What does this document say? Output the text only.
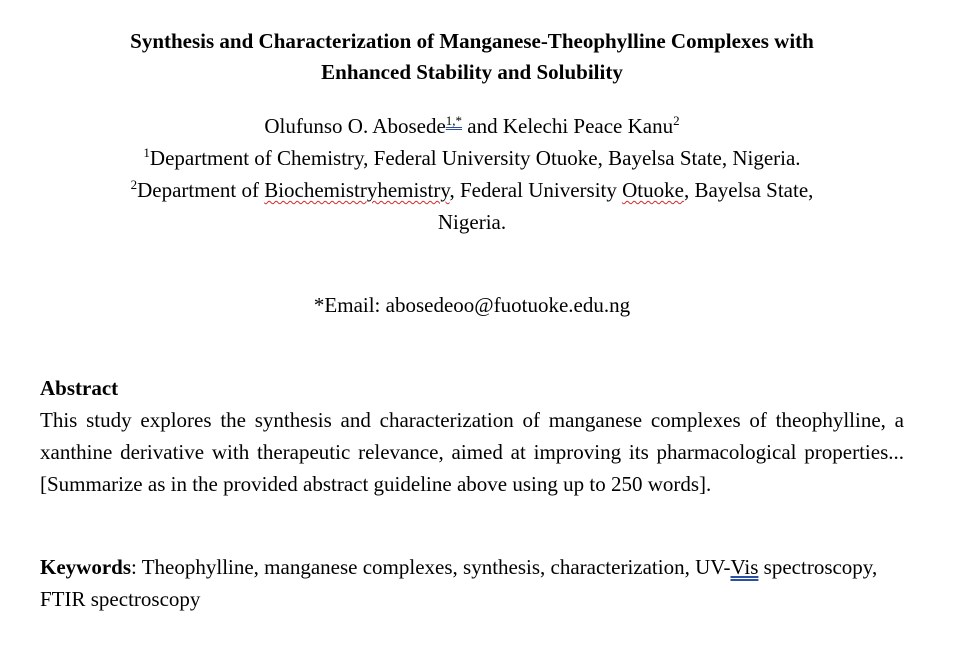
Synthesis and Characterization of Manganese-Theophylline Complexes with
Enhanced Stability and Solubility
Olufunso O. Abosede$^{1,*}$ and Kelechi Peace Kanu$^2$
$^1$Department of Chemistry, Federal University Otuoke, Bayelsa State, Nigeria.
$^2$Department of Biochemistryhemistry, Federal University Otuoke, Bayelsa State,
Nigeria.
*Email: abosedeoo@fuotuoke.edu.ng
Abstract
This study explores the synthesis and characterization of manganese complexes of theophylline, a xanthine derivative with therapeutic relevance, aimed at improving its pharmacological properties... [Summarize as in the provided abstract guideline above using up to 250 words].
Keywords: Theophylline, manganese complexes, synthesis, characterization, UV-Vis spectroscopy, FTIR spectroscopy
